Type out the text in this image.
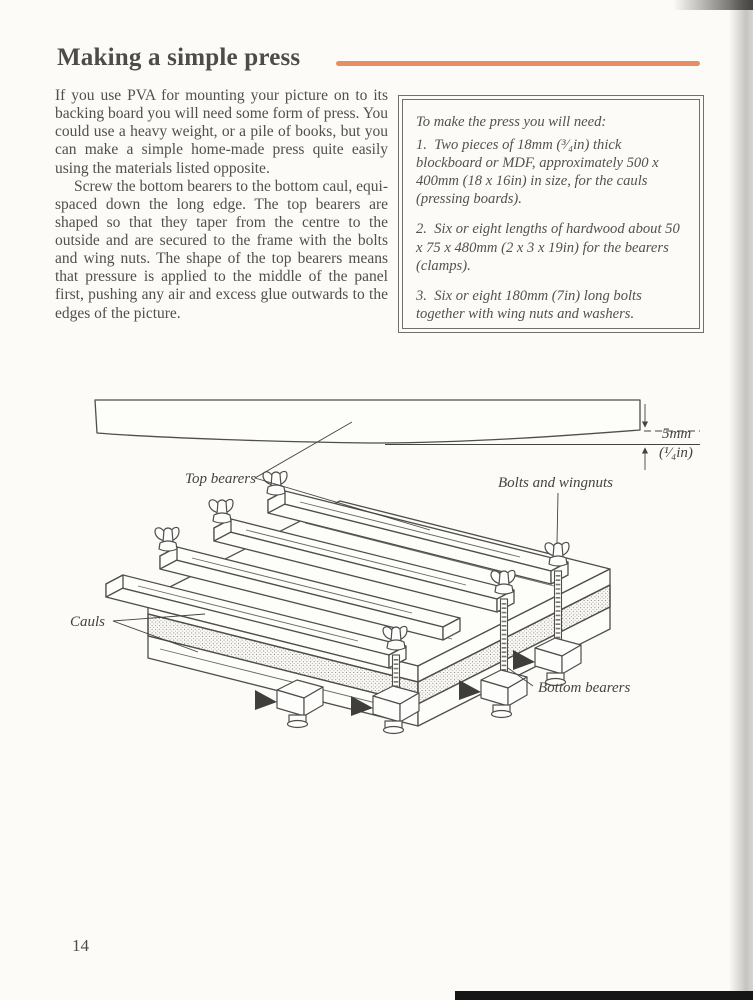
Making a simple press

If you use PVA for mounting your picture on to its backing board you will need some form of press. You could use a heavy weight, or a pile of books, but you can make a simple home-made press quite easily using the materials listed opposite.

Screw the bottom bearers to the bottom caul, equi-spaced down the long edge. The top bearers are shaped so that they taper from the centre to the outside and are secured to the frame with the bolts and wing nuts. The shape of the top bearers means that pressure is applied to the middle of the panel first, pushing any air and excess glue outwards to the edges of the picture.

To make the press you will need:

1. Two pieces of 18mm (³⁄₄in) thick blockboard or MDF, approximately 500 x 400mm (18 x 16in) in size, for the cauls (pressing boards).

2. Six or eight lengths of hardwood about 50 x 75 x 480mm (2 x 3 x 19in) for the bearers (clamps).

3. Six or eight 180mm (7in) long bolts together with wing nuts and washers.

5mm
(¹⁄₄in)
Top bearers	Bolts and wingnuts
Cauls
Bottom bearers
14
